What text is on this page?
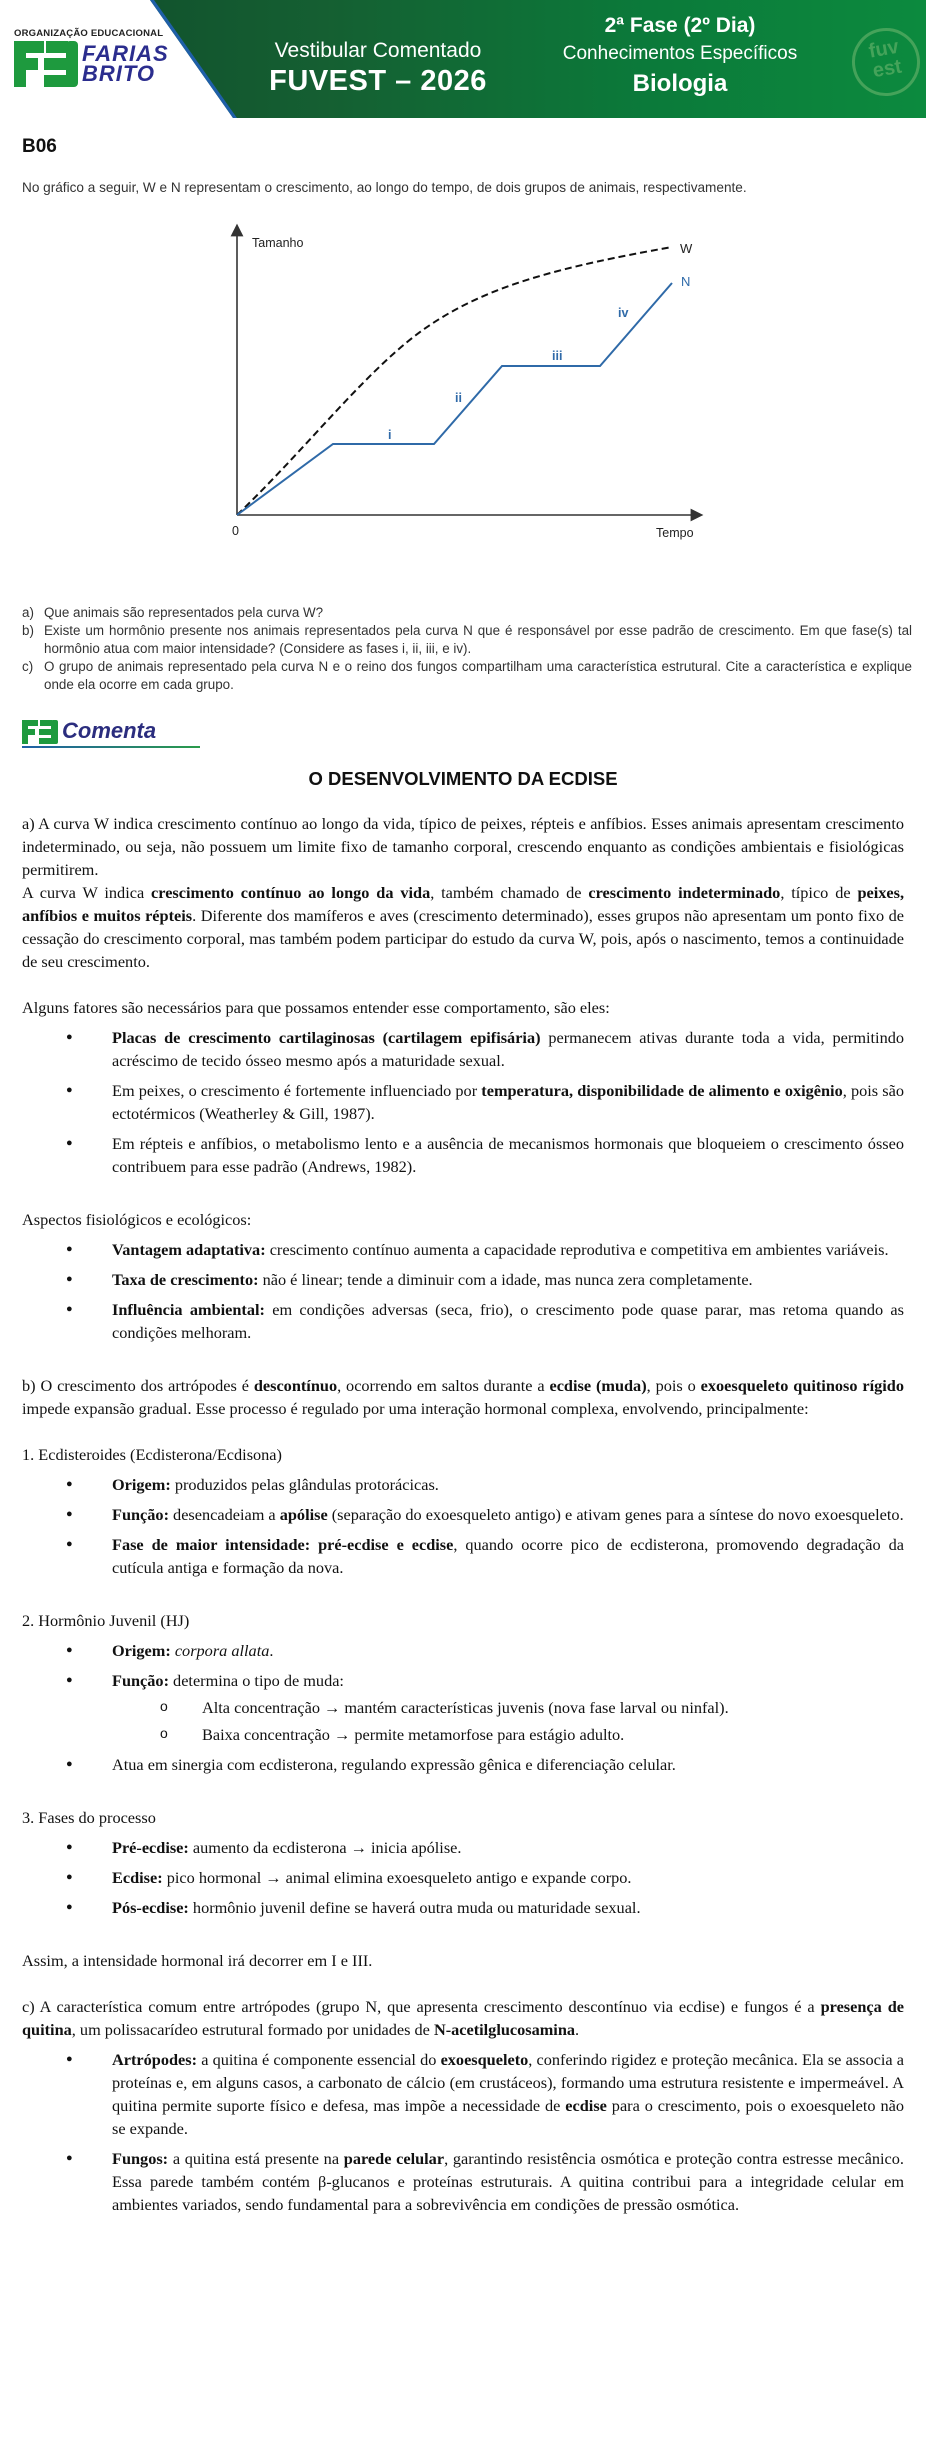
ORGANIZAÇÃO EDUCACIONAL
FARIAS
BRITO
Vestibular Comentado
FUVEST – 2026
2ª Fase (2º Dia)
Conhecimentos Específicos
Biologia
fuv
est
B06
No gráfico a seguir, W e N representam o crescimento, ao longo do tempo, de dois grupos de animais, respectivamente.
Tamanho
Tempo
0
W
N
i
ii
iii
iv
a) Que animais são representados pela curva W?
b) Existe um hormônio presente nos animais representados pela curva N que é responsável por esse padrão de crescimento. Em que fase(s) tal hormônio atua com maior intensidade? (Considere as fases i, ii, iii, e iv).
c) O grupo de animais representado pela curva N e o reino dos fungos compartilham uma característica estrutural. Cite a característica e explique onde ela ocorre em cada grupo.
Comenta
O DESENVOLVIMENTO DA ECDISE
a) A curva W indica crescimento contínuo ao longo da vida, típico de peixes, répteis e anfíbios. Esses animais apresentam crescimento indeterminado, ou seja, não possuem um limite fixo de tamanho corporal, crescendo enquanto as condições ambientais e fisiológicas permitirem.
A curva W indica crescimento contínuo ao longo da vida, também chamado de crescimento indeterminado, típico de peixes, anfíbios e muitos répteis. Diferente dos mamíferos e aves (crescimento determinado), esses grupos não apresentam um ponto fixo de cessação do crescimento corporal, mas também podem participar do estudo da curva W, pois, após o nascimento, temos a continuidade de seu crescimento.
Alguns fatores são necessários para que possamos entender esse comportamento, são eles:
● Placas de crescimento cartilaginosas (cartilagem epifisária) permanecem ativas durante toda a vida, permitindo acréscimo de tecido ósseo mesmo após a maturidade sexual.
● Em peixes, o crescimento é fortemente influenciado por temperatura, disponibilidade de alimento e oxigênio, pois são ectotérmicos (Weatherley & Gill, 1987).
● Em répteis e anfíbios, o metabolismo lento e a ausência de mecanismos hormonais que bloqueiem o crescimento ósseo contribuem para esse padrão (Andrews, 1982).
Aspectos fisiológicos e ecológicos:
● Vantagem adaptativa: crescimento contínuo aumenta a capacidade reprodutiva e competitiva em ambientes variáveis.
● Taxa de crescimento: não é linear; tende a diminuir com a idade, mas nunca zera completamente.
● Influência ambiental: em condições adversas (seca, frio), o crescimento pode quase parar, mas retoma quando as condições melhoram.
b) O crescimento dos artrópodes é descontínuo, ocorrendo em saltos durante a ecdise (muda), pois o exoesqueleto quitinoso rígido impede expansão gradual. Esse processo é regulado por uma interação hormonal complexa, envolvendo, principalmente:
1. Ecdisteroides (Ecdisterona/Ecdisona)
● Origem: produzidos pelas glândulas protorácicas.
● Função: desencadeiam a apólise (separação do exoesqueleto antigo) e ativam genes para a síntese do novo exoesqueleto.
● Fase de maior intensidade: pré-ecdise e ecdise, quando ocorre pico de ecdisterona, promovendo degradação da cutícula antiga e formação da nova.
2. Hormônio Juvenil (HJ)
● Origem: corpora allata.
● Função: determina o tipo de muda:
o Alta concentração → mantém características juvenis (nova fase larval ou ninfal).
o Baixa concentração → permite metamorfose para estágio adulto.
● Atua em sinergia com ecdisterona, regulando expressão gênica e diferenciação celular.
3. Fases do processo
● Pré-ecdise: aumento da ecdisterona → inicia apólise.
● Ecdise: pico hormonal → animal elimina exoesqueleto antigo e expande corpo.
● Pós-ecdise: hormônio juvenil define se haverá outra muda ou maturidade sexual.
Assim, a intensidade hormonal irá decorrer em I e III.
c) A característica comum entre artrópodes (grupo N, que apresenta crescimento descontínuo via ecdise) e fungos é a presença de quitina, um polissacarídeo estrutural formado por unidades de N-acetilglucosamina.
● Artrópodes: a quitina é componente essencial do exoesqueleto, conferindo rigidez e proteção mecânica. Ela se associa a proteínas e, em alguns casos, a carbonato de cálcio (em crustáceos), formando uma estrutura resistente e impermeável. A quitina permite suporte físico e defesa, mas impõe a necessidade de ecdise para o crescimento, pois o exoesqueleto não se expande.
● Fungos: a quitina está presente na parede celular, garantindo resistência osmótica e proteção contra estresse mecânico. Essa parede também contém β-glucanos e proteínas estruturais. A quitina contribui para a integridade celular em ambientes variados, sendo fundamental para a sobrevivência em condições de pressão osmótica.
